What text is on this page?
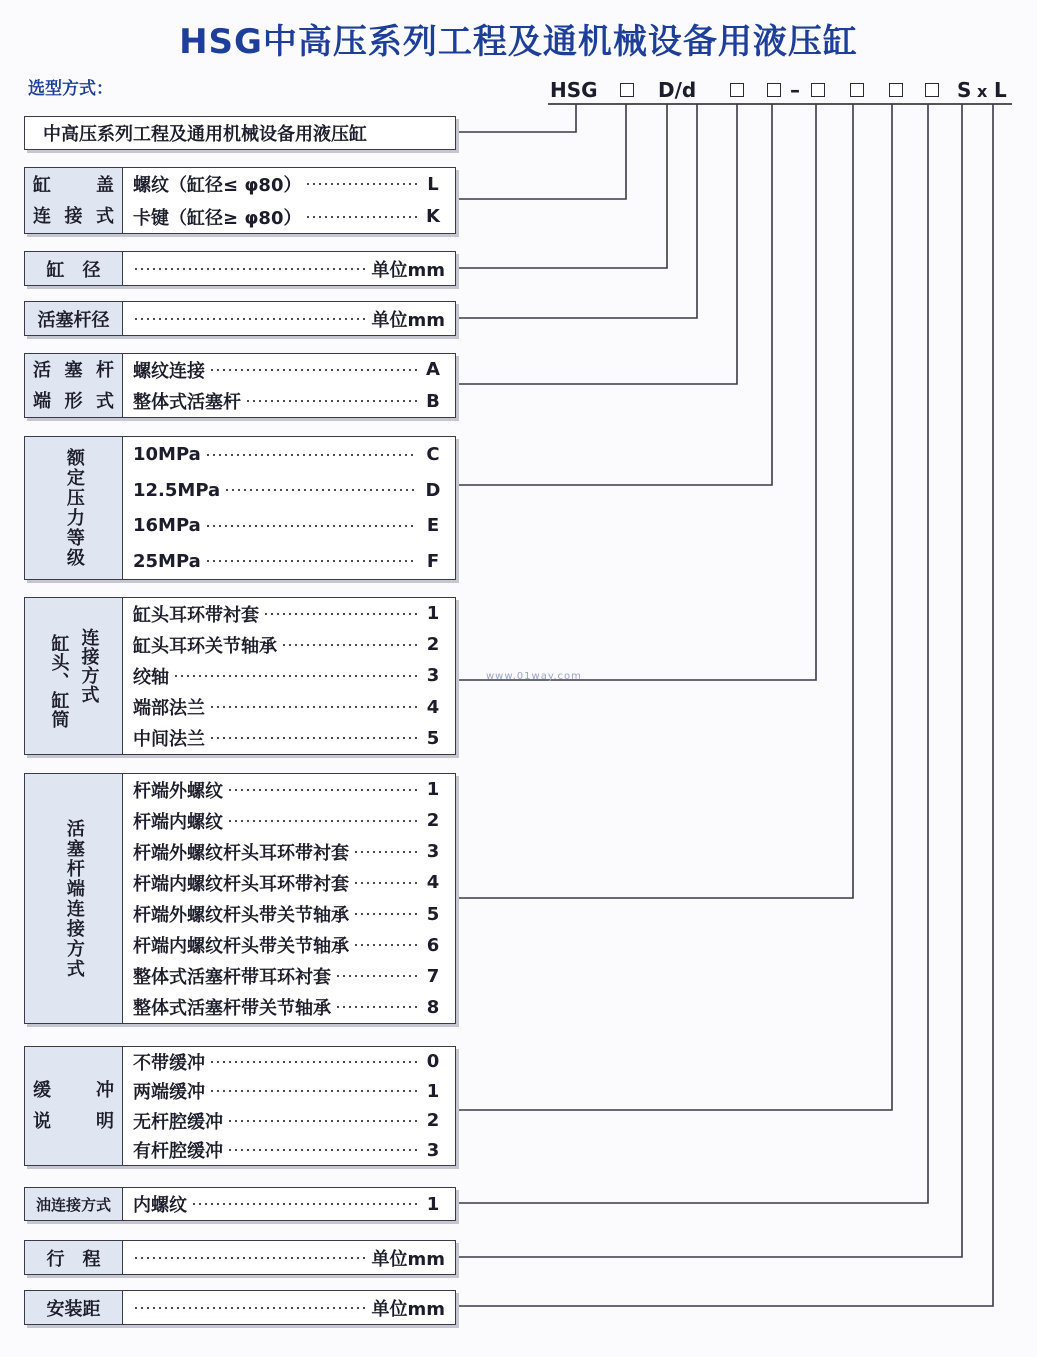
HSG中高压系列工程及通机械设备用液压缸
选型方式：	HSG	D/d	–	S x L
中高压系列工程及通用机械设备用液压缸
缸　盖
连接式
螺纹（缸径≤ φ80）	L
卡键（缸径≥ φ80）	K
缸　径	单位mm
活塞杆径	单位mm
活塞杆
端形式
螺纹连接	A
整体式活塞杆	B
额定压力等级	10MPa	C
12.5MPa	D
16MPa	E
25MPa	F
缸头、缸筒 连接方式
缸头耳环带衬套	1
缸头耳环关节轴承	2
绞轴	3
端部法兰	4
中间法兰	5
活塞杆端连接方式
杆端外螺纹	1
杆端内螺纹	2
杆端外螺纹杆头耳环带衬套	3
杆端内螺纹杆头耳环带衬套	4
杆端外螺纹杆头带关节轴承	5
杆端内螺纹杆头带关节轴承	6
整体式活塞杆带耳环衬套	7
整体式活塞杆带关节轴承	8
缓　冲
说　明
不带缓冲	0
两端缓冲	1
无杆腔缓冲	2
有杆腔缓冲	3
油连接方式	内螺纹	1
行　程	单位mm
安装距	单位mm
www.01way.com
